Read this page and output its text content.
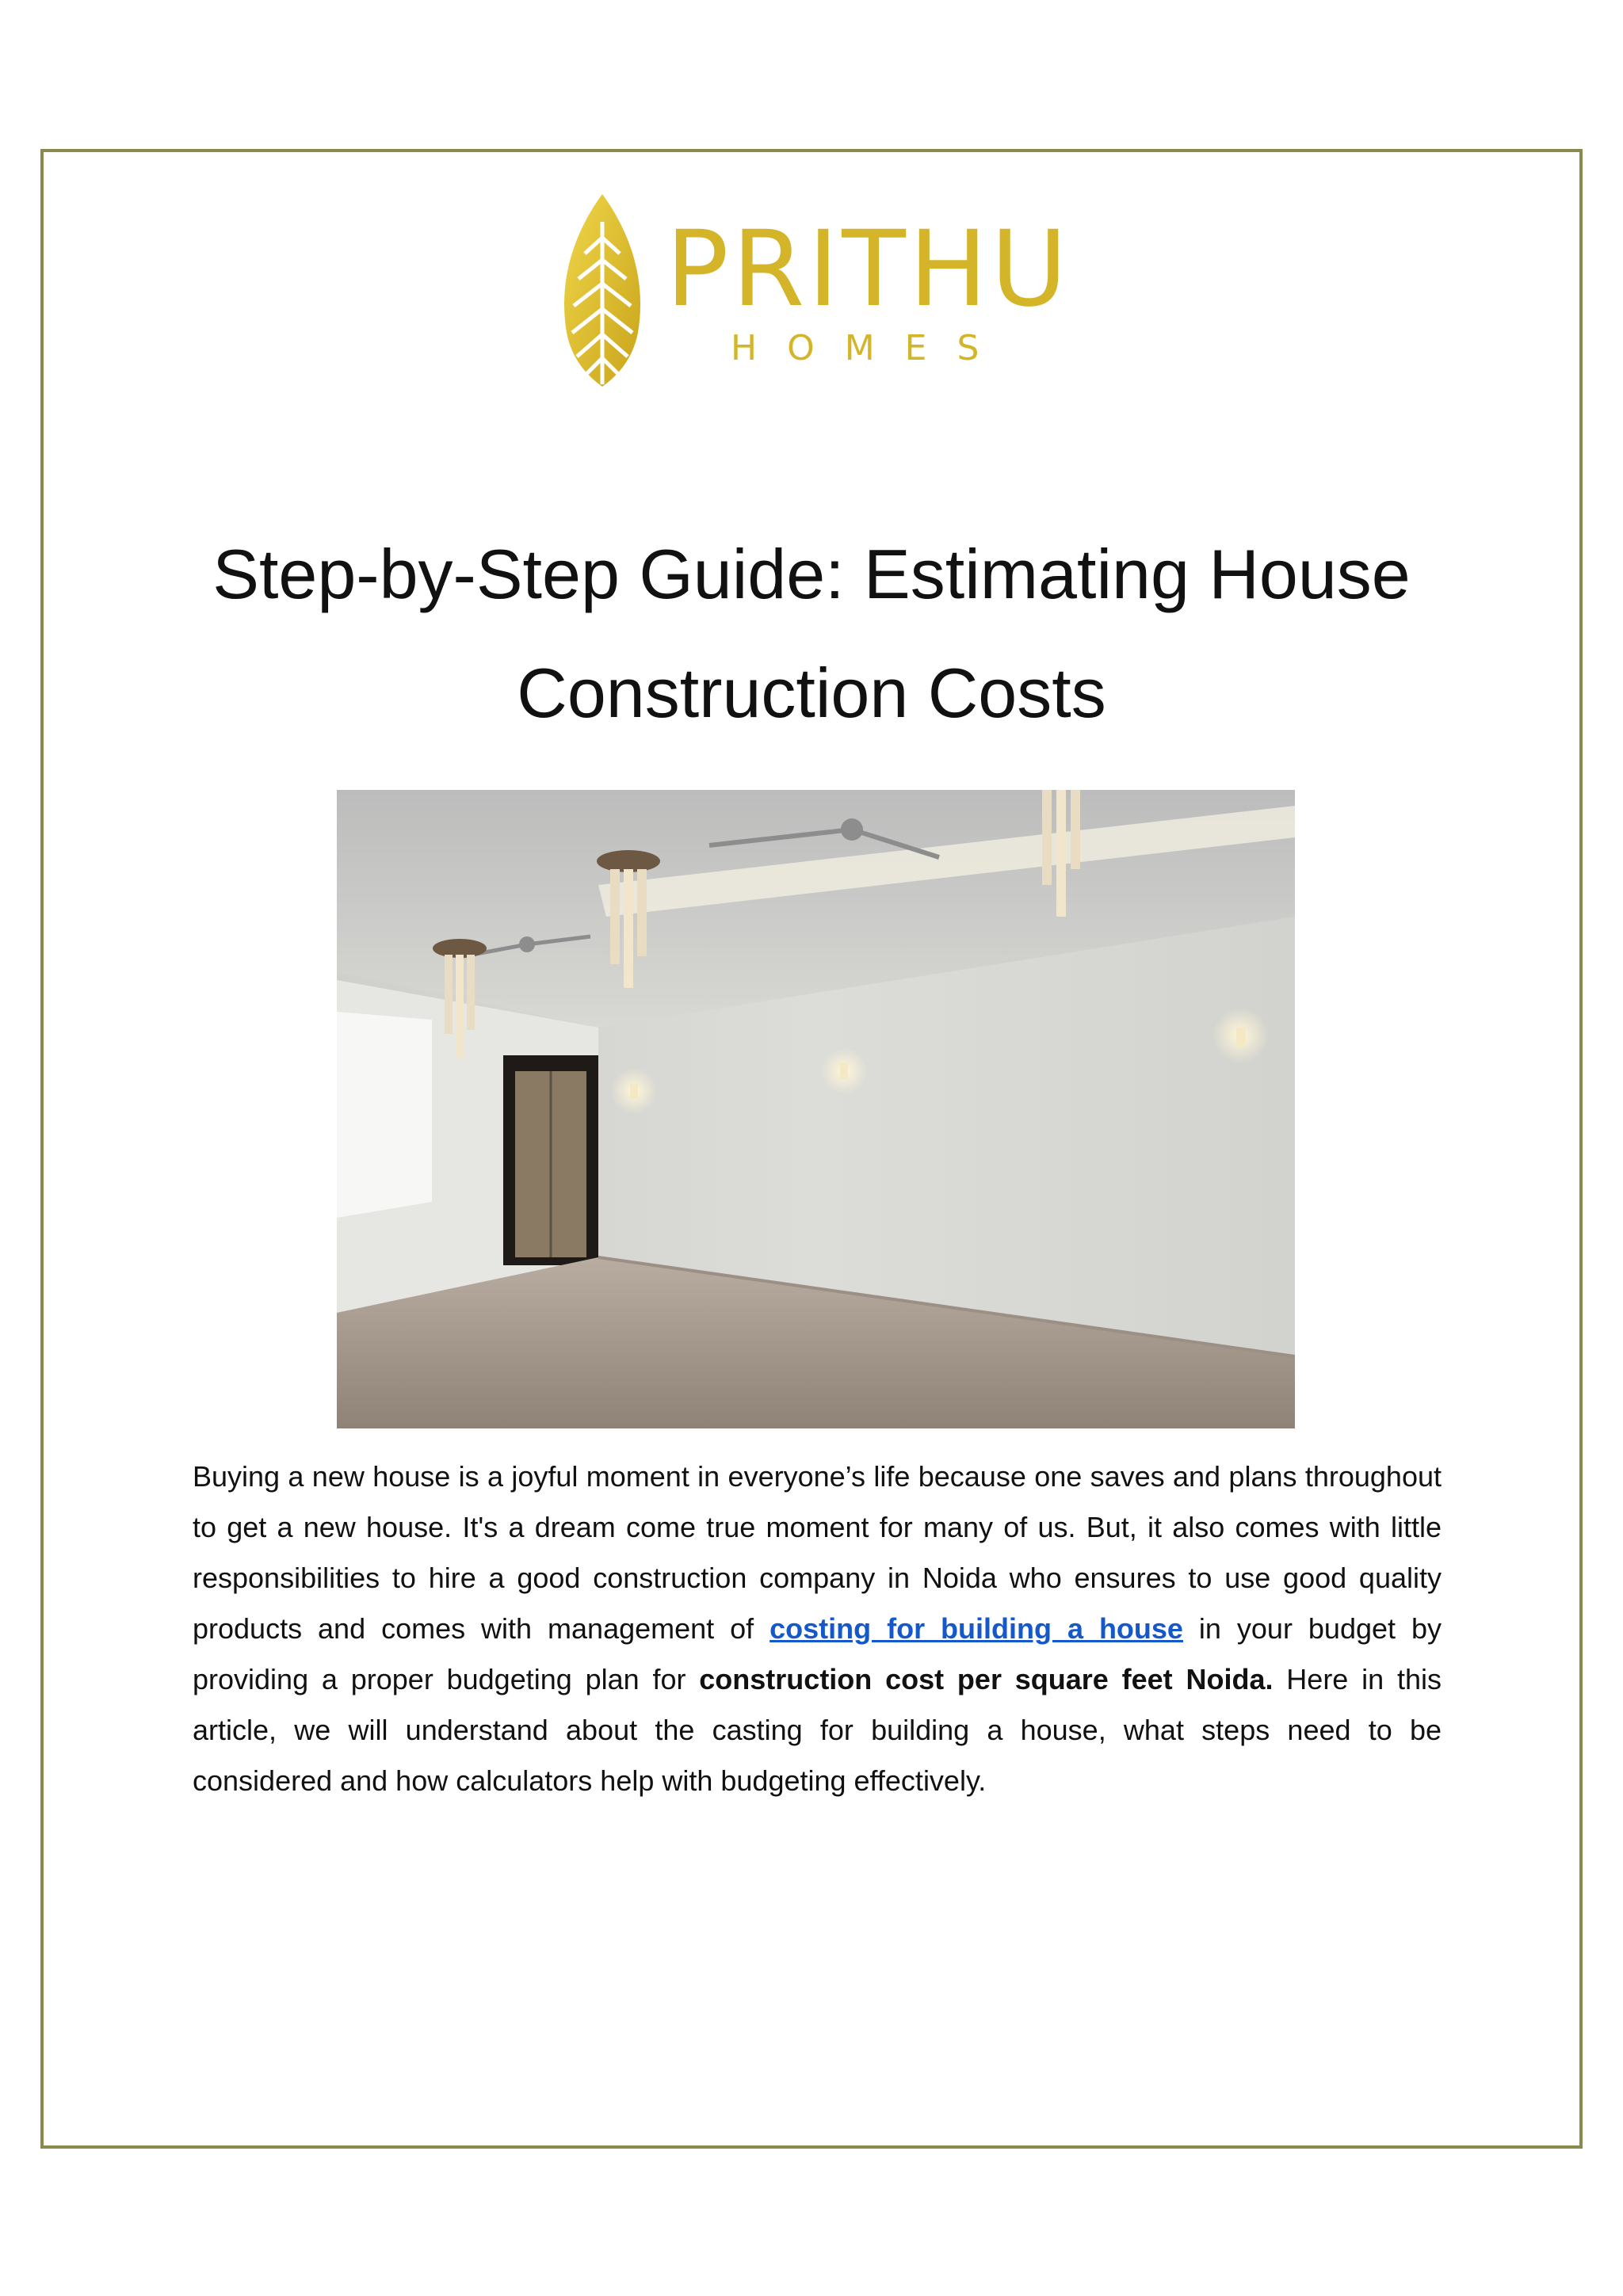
PRITHU
HOMES
Step-by-Step Guide: Estimating House
Construction Costs
Buying a new house is a joyful moment in everyone’s life because one saves and plans throughout to get a new house. It's a dream come true moment for many of us. But, it also comes with little responsibilities to hire a good construction company in Noida who ensures to use good quality products and comes with management of costing for building a house in your budget by providing a proper budgeting plan for construction cost per square feet Noida. Here in this article, we will understand about the casting for building a house, what steps need to be considered and how calculators help with budgeting effectively.
